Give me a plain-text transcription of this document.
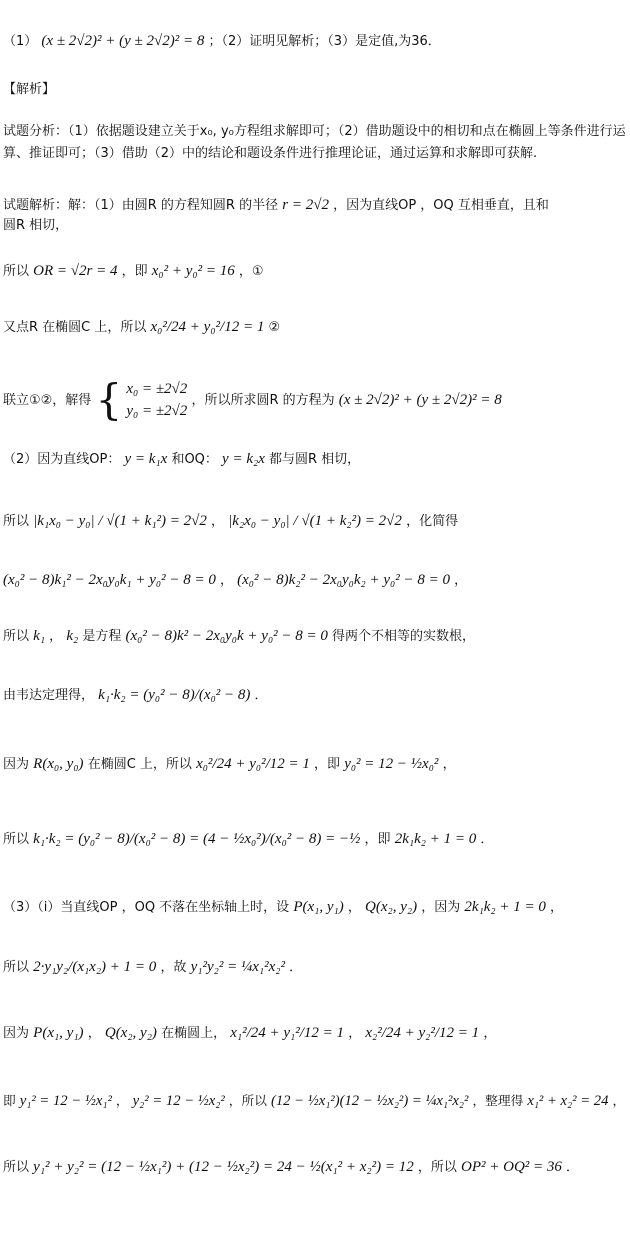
（1） (x ± 2√2)² + (y ± 2√2)² = 8 ；（2）证明见解析；（3）是定值,为36．
【解析】
试题分析：（1）依据题设建立关于x₀, y₀方程组求解即可；（2）借助题设中的相切和点在椭圆上等条件进行运算、推证即可；（3）借助（2）中的结论和题设条件进行推理论证，通过运算和求解即可获解.
试题解析：解：（1）由圆R 的方程知圆R 的半径 r = 2√2 ，因为直线OP ，OQ 互相垂直，且和
圆R 相切，
所以 OR = √2r = 4 ，即 x₀² + y₀² = 16 ，①
又点R 在椭圆C 上，所以 x₀²/24 + y₀²/12 = 1 ②
联立①②，解得 { x₀ = ±2√2
y₀ = ±2√2
，所以所求圆R 的方程为 (x ± 2√2)² + (y ± 2√2)² = 8
（2）因为直线OP： y = k₁x 和OQ： y = k₂x 都与圆R 相切，
所以 |k₁x₀ − y₀| / √(1 + k₁²) = 2√2 ， |k₂x₀ − y₀| / √(1 + k₂²) = 2√2 ，化简得
(x₀² − 8)k₁² − 2x₀y₀k₁ + y₀² − 8 = 0 ， (x₀² − 8)k₂² − 2x₀y₀k₂ + y₀² − 8 = 0 ，
所以 k₁ ， k₂ 是方程 (x₀² − 8)k² − 2x₀y₀k + y₀² − 8 = 0 得两个不相等的实数根，
由韦达定理得， k₁·k₂ = (y₀² − 8)/(x₀² − 8) ．
因为 R(x₀, y₀) 在椭圆C 上，所以 x₀²/24 + y₀²/12 = 1 ，即 y₀² = 12 − ½x₀² ，
所以 k₁·k₂ = (y₀² − 8)/(x₀² − 8) = (4 − ½x₀²)/(x₀² − 8) = −½ ，即 2k₁k₂ + 1 = 0 ．
（3）（i）当直线OP ，OQ 不落在坐标轴上时，设 P(x₁, y₁) ， Q(x₂, y₂) ，因为 2k₁k₂ + 1 = 0 ，
所以 2·y₁y₂/(x₁x₂) + 1 = 0 ，故 y₁²y₂² = ¼x₁²x₂² ．
因为 P(x₁, y₁) ， Q(x₂, y₂) 在椭圆上， x₁²/24 + y₁²/12 = 1 ， x₂²/24 + y₂²/12 = 1 ，
即 y₁² = 12 − ½x₁² ， y₂² = 12 − ½x₂² ，所以 (12 − ½x₁²)(12 − ½x₂²) = ¼x₁²x₂² ，整理得 x₁² + x₂² = 24 ，
所以 y₁² + y₂² = (12 − ½x₁²) + (12 − ½x₂²) = 24 − ½(x₁² + x₂²) = 12 ，所以 OP² + OQ² = 36 ．
